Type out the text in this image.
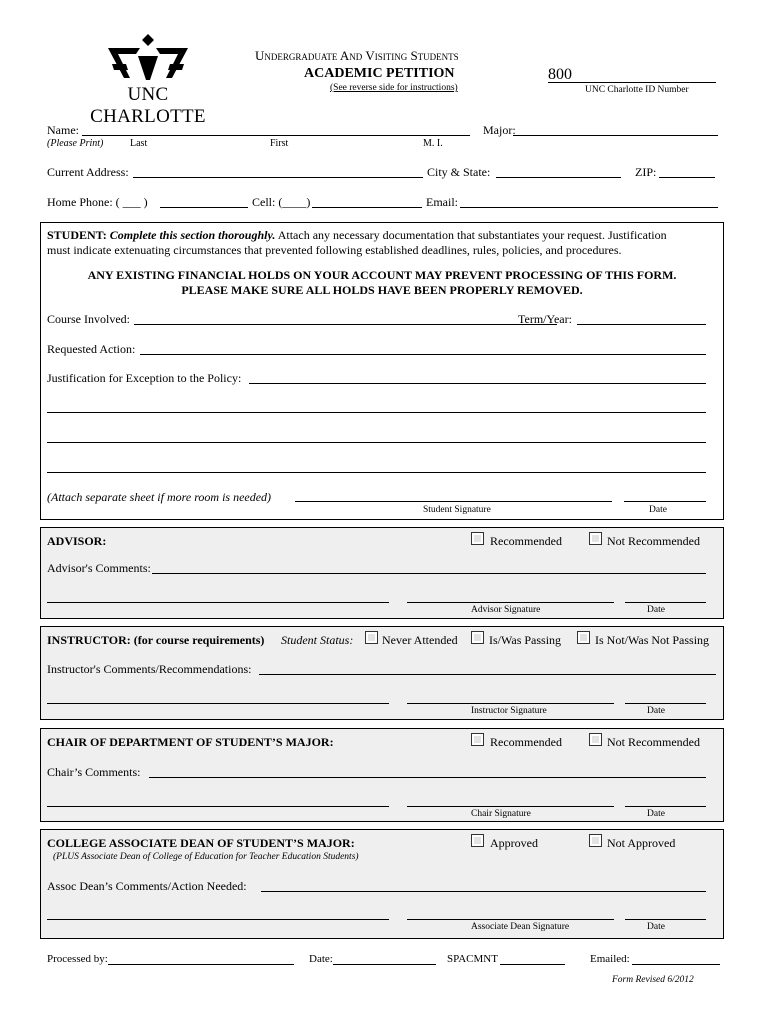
UNC CHARLOTTE
Undergraduate And Visiting Students
ACADEMIC PETITION
(See reverse side for instructions)
800
UNC Charlotte ID Number
Name:
(Please Print)	Last	First	M. I.
Major:
Current Address:	City & State:	ZIP:
Home Phone: ( ___ )	Cell: (____)	Email:
STUDENT: Complete this section thoroughly. Attach any necessary documentation that substantiates your request. Justification
must indicate extenuating circumstances that prevented following established deadlines, rules, policies, and procedures.
ANY EXISTING FINANCIAL HOLDS ON YOUR ACCOUNT MAY PREVENT PROCESSING OF THIS FORM.
PLEASE MAKE SURE ALL HOLDS HAVE BEEN PROPERLY REMOVED.
Course Involved:	Term/Year:
Requested Action:
Justification for Exception to the Policy:
(Attach separate sheet if more room is needed)
Student Signature	Date
ADVISOR:	Recommended	Not Recommended
Advisor's Comments:
Advisor Signature	Date
INSTRUCTOR: (for course requirements) Student Status: Never Attended	Is/Was Passing	Is Not/Was Not Passing
Instructor's Comments/Recommendations:
Instructor Signature	Date
CHAIR OF DEPARTMENT OF STUDENT’S MAJOR:	Recommended	Not Recommended
Chair’s Comments:
Chair Signature	Date
COLLEGE ASSOCIATE DEAN OF STUDENT’S MAJOR:
(PLUS Associate Dean of College of Education for Teacher Education Students)
Approved	Not Approved
Assoc Dean’s Comments/Action Needed:
Associate Dean Signature	Date
Processed by:	Date:	SPACMNT	Emailed:
Form Revised 6/2012
